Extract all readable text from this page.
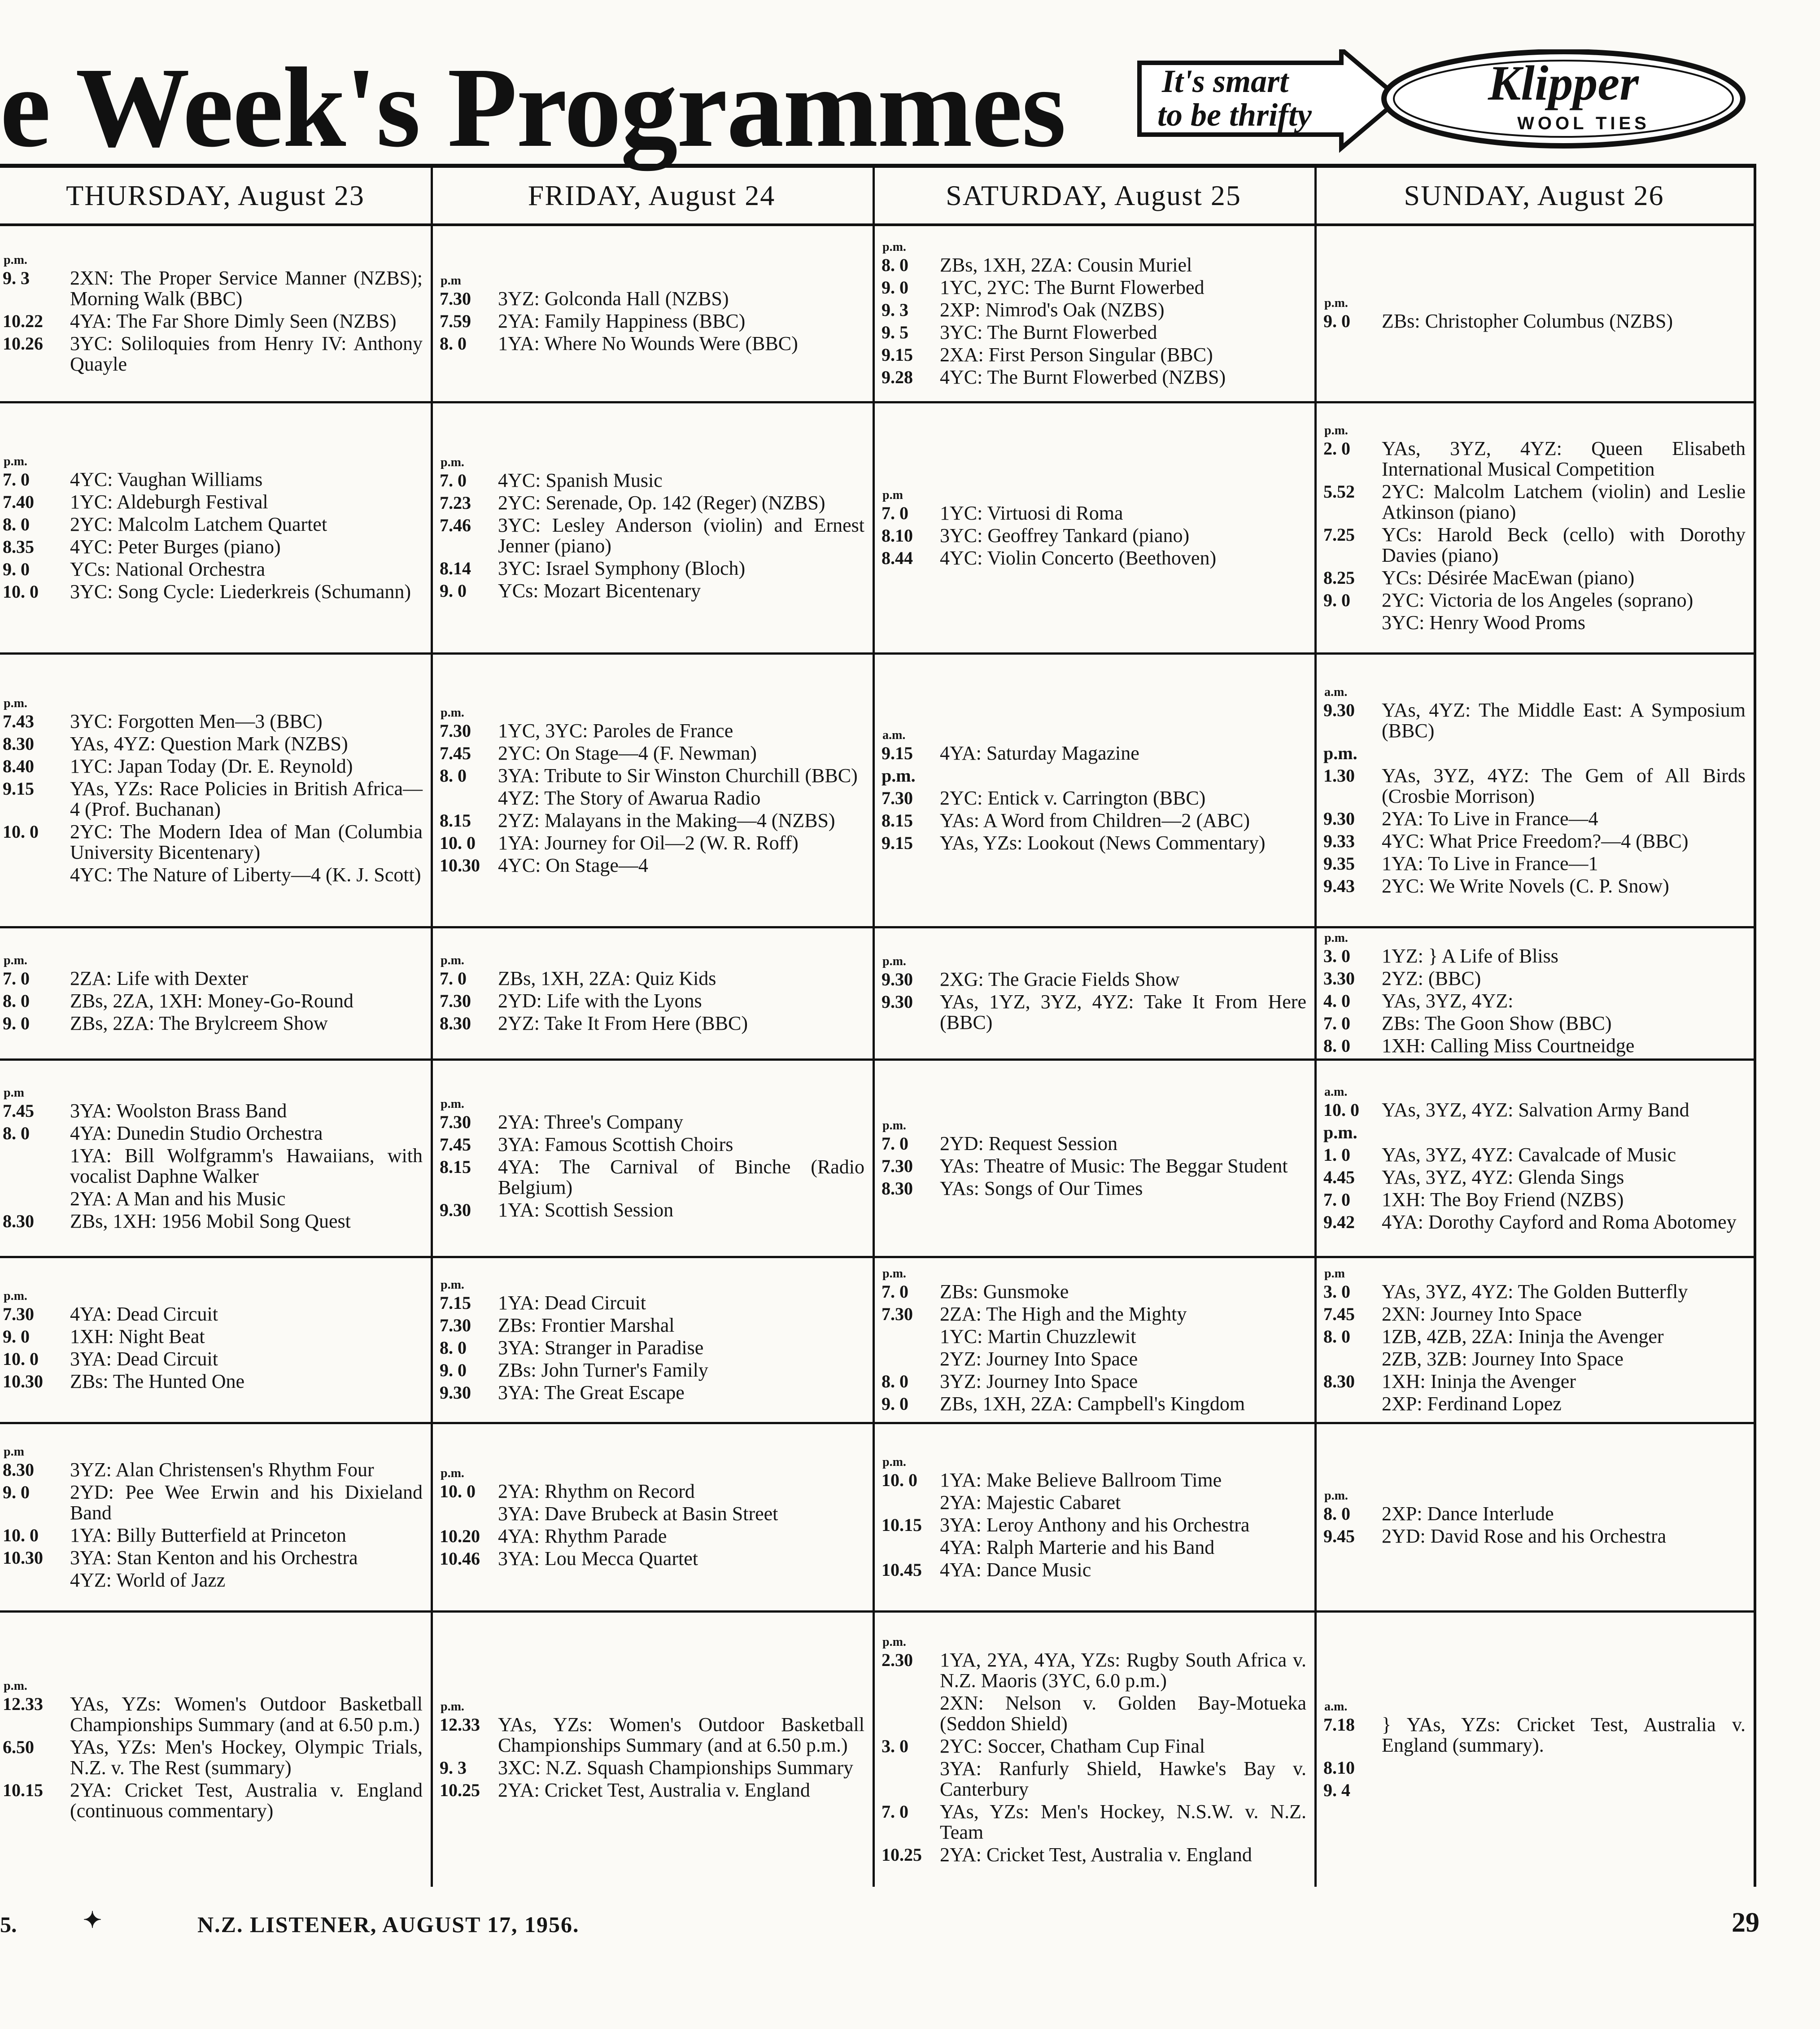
e Week's Programmes	It's smart
to be thrifty
Klipper
WOOL TIES
THURSDAY, August 23
p.m.
9. 3	2XN: The Proper Service Manner (NZBS); Morning Walk (BBC)
10.22	4YA: The Far Shore Dimly Seen (NZBS)
10.26	3YC: Soliloquies from Henry IV: Anthony Quayle
p.m.
7. 0	4YC: Vaughan Williams
7.40	1YC: Aldeburgh Festival
8. 0	2YC: Malcolm Latchem Quartet
8.35	4YC: Peter Burges (piano)
9. 0	YCs: National Orchestra
10. 0	3YC: Song Cycle: Liederkreis (Schumann)
p.m.
7.43	3YC: Forgotten Men—3 (BBC)
8.30	YAs, 4YZ: Question Mark (NZBS)
8.40	1YC: Japan Today (Dr. E. Reynold)
9.15	YAs, YZs: Race Policies in British Africa—4 (Prof. Buchanan)
10. 0	2YC: The Modern Idea of Man (Columbia University Bicentenary)
4YC: The Nature of Liberty—4 (K. J. Scott)
p.m.
7. 0	2ZA: Life with Dexter
8. 0	ZBs, 2ZA, 1XH: Money-Go-Round
9. 0	ZBs, 2ZA: The Brylcreem Show
p.m
7.45	3YA: Woolston Brass Band
8. 0	4YA: Dunedin Studio Orchestra
1YA: Bill Wolfgramm's Hawaiians, with vocalist Daphne Walker
2YA: A Man and his Music
8.30	ZBs, 1XH: 1956 Mobil Song Quest
p.m.
7.30	4YA: Dead Circuit
9. 0	1XH: Night Beat
10. 0	3YA: Dead Circuit
10.30	ZBs: The Hunted One
p.m
8.30	3YZ: Alan Christensen's Rhythm Four
9. 0	2YD: Pee Wee Erwin and his Dixieland Band
10. 0	1YA: Billy Butterfield at Princeton
10.30	3YA: Stan Kenton and his Orchestra
4YZ: World of Jazz
p.m.
12.33	YAs, YZs: Women's Outdoor Basketball Championships Summary (and at 6.50 p.m.)
6.50	YAs, YZs: Men's Hockey, Olympic Trials, N.Z. v. The Rest (summary)
10.15	2YA: Cricket Test, Australia v. England (continuous commentary)
FRIDAY, August 24
p.m
7.30	3YZ: Golconda Hall (NZBS)
7.59	2YA: Family Happiness (BBC)
8. 0	1YA: Where No Wounds Were (BBC)
p.m.
7. 0	4YC: Spanish Music
7.23	2YC: Serenade, Op. 142 (Reger) (NZBS)
7.46	3YC: Lesley Anderson (violin) and Ernest Jenner (piano)
8.14	3YC: Israel Symphony (Bloch)
9. 0	YCs: Mozart Bicentenary
p.m.
7.30	1YC, 3YC: Paroles de France
7.45	2YC: On Stage—4 (F. Newman)
8. 0	3YA: Tribute to Sir Winston Churchill (BBC)
4YZ: The Story of Awarua Radio
8.15	2YZ: Malayans in the Making—4 (NZBS)
10. 0	1YA: Journey for Oil—2 (W. R. Roff)
10.30 4YC: On Stage—4
p.m.
7. 0	ZBs, 1XH, 2ZA: Quiz Kids
7.30	2YD: Life with the Lyons
8.30	2YZ: Take It From Here (BBC)
p.m.
7.30	2YA: Three's Company
7.45	3YA: Famous Scottish Choirs
8.15	4YA: The Carnival of Binche (Radio Belgium)
9.30	1YA: Scottish Session
p.m.
7.15	1YA: Dead Circuit
7.30	ZBs: Frontier Marshal
8. 0	3YA: Stranger in Paradise
9. 0	ZBs: John Turner's Family
9.30	3YA: The Great Escape
p.m.
10. 0	2YA: Rhythm on Record
3YA: Dave Brubeck at Basin Street
10.20 4YA: Rhythm Parade
10.46 3YA: Lou Mecca Quartet
p.m.
12.33 YAs, YZs: Women's Outdoor Basketball Championships Summary (and at 6.50 p.m.)
9. 3	3XC: N.Z. Squash Championships Summary
10.25 2YA: Cricket Test, Australia v. England
SATURDAY, August 25
p.m.
8. 0	ZBs, 1XH, 2ZA: Cousin Muriel
9. 0	1YC, 2YC: The Burnt Flowerbed
9. 3	2XP: Nimrod's Oak (NZBS)
9. 5	3YC: The Burnt Flowerbed
9.15	2XA: First Person Singular (BBC)
9.28	4YC: The Burnt Flowerbed (NZBS)
p.m
7. 0	1YC: Virtuosi di Roma
8.10	3YC: Geoffrey Tankard (piano)
8.44	4YC: Violin Concerto (Beethoven)
a.m.
9.15	4YA: Saturday Magazine
p.m.
7.30	2YC: Entick v. Carrington (BBC)
8.15	YAs: A Word from Children—2 (ABC)
9.15	YAs, YZs: Lookout (News Commentary)
p.m.
9.30	2XG: The Gracie Fields Show
9.30	YAs, 1YZ, 3YZ, 4YZ: Take It From Here (BBC)
p.m.
7. 0	2YD: Request Session
7.30	YAs: Theatre of Music: The Beggar Student
8.30	YAs: Songs of Our Times
p.m.
7. 0	ZBs: Gunsmoke
7.30	2ZA: The High and the Mighty
1YC: Martin Chuzzlewit
2YZ: Journey Into Space
8. 0	3YZ: Journey Into Space
9. 0	ZBs, 1XH, 2ZA: Campbell's Kingdom
p.m.
10. 0	1YA: Make Believe Ballroom Time
2YA: Majestic Cabaret
10.15 3YA: Leroy Anthony and his Orchestra
4YA: Ralph Marterie and his Band
10.45 4YA: Dance Music
p.m.
2.30	1YA, 2YA, 4YA, YZs: Rugby South Africa v. N.Z. Maoris (3YC, 6.0 p.m.)
2XN: Nelson v. Golden Bay-Motueka (Seddon Shield)
3. 0	2YC: Soccer, Chatham Cup Final
3YA: Ranfurly Shield, Hawke's Bay v. Canterbury
7. 0	YAs, YZs: Men's Hockey, N.S.W. v. N.Z. Team
10.25 2YA: Cricket Test, Australia v. England
SUNDAY, August 26
p.m.
9. 0	ZBs: Christopher Columbus (NZBS)
p.m.
2. 0	YAs, 3YZ, 4YZ: Queen Elisabeth International Musical Competition
5.52	2YC: Malcolm Latchem (violin) and Leslie Atkinson (piano)
7.25	YCs: Harold Beck (cello) with Dorothy Davies (piano)
8.25	YCs: Désirée MacEwan (piano)
9. 0	2YC: Victoria de los Angeles (soprano)
3YC: Henry Wood Proms
a.m.
9.30	YAs, 4YZ: The Middle East: A Symposium (BBC)
p.m.
1.30	YAs, 3YZ, 4YZ: The Gem of All Birds (Crosbie Morrison)
9.30	2YA: To Live in France—4
9.33	4YC: What Price Freedom?—4 (BBC)
9.35	1YA: To Live in France—1
9.43	2YC: We Write Novels (C. P. Snow)
p.m.
3. 0	1YZ: } A Life of Bliss
3.30	2YZ: (BBC)
4. 0	YAs, 3YZ, 4YZ:
7. 0	ZBs: The Goon Show (BBC)
8. 0	1XH: Calling Miss Courtneidge
a.m.
10. 0	YAs, 3YZ, 4YZ: Salvation Army Band
p.m.
1. 0	YAs, 3YZ, 4YZ: Cavalcade of Music
4.45	YAs, 3YZ, 4YZ: Glenda Sings
7. 0	1XH: The Boy Friend (NZBS)
9.42	4YA: Dorothy Cayford and Roma Abotomey
p.m
3. 0	YAs, 3YZ, 4YZ: The Golden Butterfly
7.45	2XN: Journey Into Space
8. 0	1ZB, 4ZB, 2ZA: Ininja the Avenger
2ZB, 3ZB: Journey Into Space
8.30	1XH: Ininja the Avenger
2XP: Ferdinand Lopez
p.m.
8. 0	2XP: Dance Interlude
9.45	2YD: David Rose and his Orchestra
a.m.
7.18	} YAs, YZs: Cricket Test, Australia v. England (summary).
8.10
9. 4
5.	✦	N.Z. LISTENER, AUGUST 17, 1956.	29
